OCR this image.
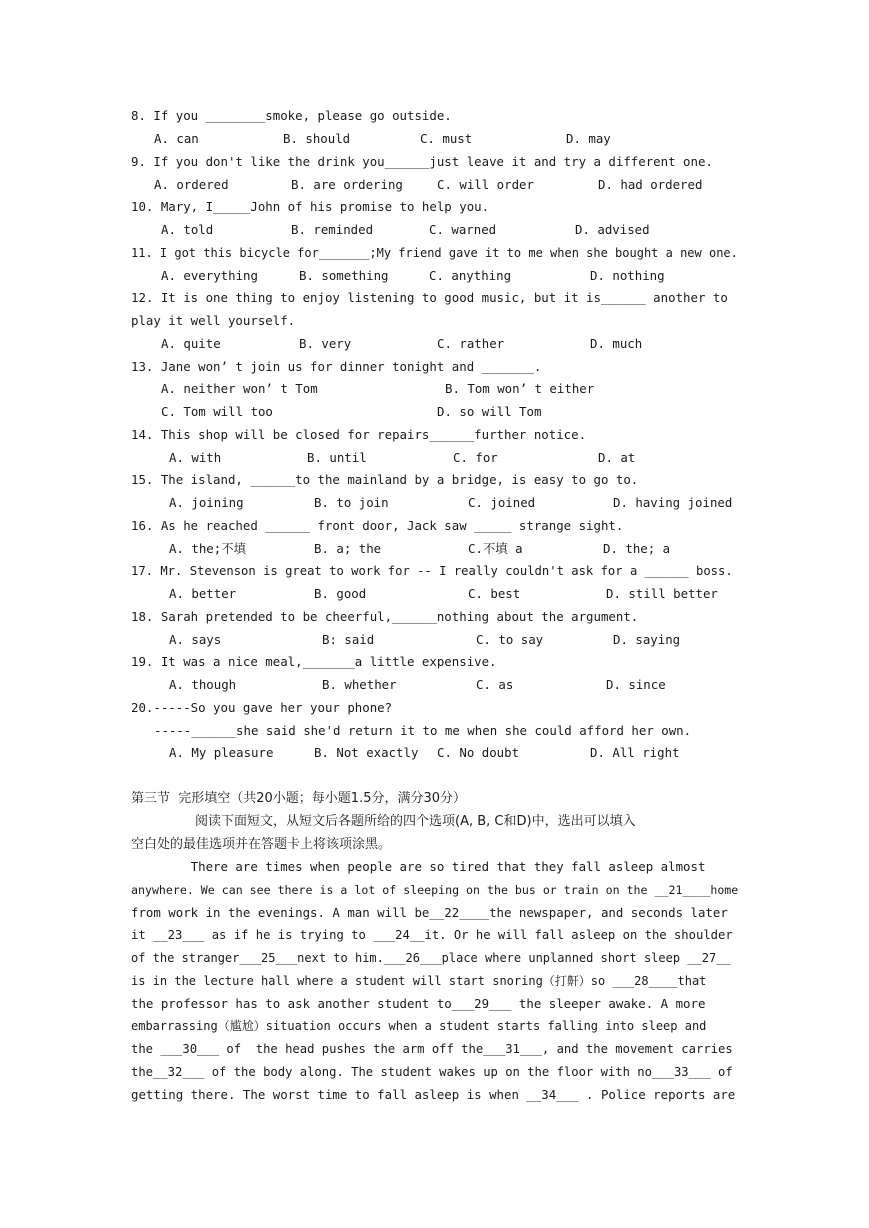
8. If you ________smoke, please go outside.
A. can	B. should	C. must	D. may
9. If you don't like the drink you______just leave it and try a different one.
A. ordered	B. are ordering	C. will order	D. had ordered
10. Mary, I_____John of his promise to help you.
A. told	B. reminded	C. warned	D. advised
11. I got this bicycle for_______;My friend gave it to me when she bought a new one.
A. everything	B. something	C. anything	D. nothing
12. It is one thing to enjoy listening to good music, but it is______ another to
play it well yourself.
A. quite	B. very	C. rather	D. much
13. Jane won’ t join us for dinner tonight and _______.
A. neither won’ t Tom	B. Tom won’ t either
C. Tom will too	D. so will Tom
14. This shop will be closed for repairs______further notice.
A. with	B. until	C. for	D. at
15. The island, ______to the mainland by a bridge, is easy to go to.
A. joining	B. to join	C. joined	D. having joined
16. As he reached ______ front door, Jack saw _____ strange sight.
A. the;不填	B. a; the	C.不填 a	D. the; a
17. Mr. Stevenson is great to work for -- I really couldn't ask for a ______ boss.
A. better	B. good	C. best	D. still better
18. Sarah pretended to be cheerful,______nothing about the argument.
A. says	B: said	C. to say	D. saying
19. It was a nice meal,_______a little expensive.
A. though	B. whether	C. as	D. since
20.-----So you gave her your phone?
-----______she said she'd return it to me when she could afford her own.
A. My pleasure	B. Not exactly C. No doubt	D. All right
第三节  完形填空（共20小题；每小题1.5分，满分30分）
阅读下面短文，从短文后各题所给的四个选项(A, B, C和D)中，选出可以填入
空白处的最佳选项并在答题卡上将该项涂黑。
There are times when people are so tired that they fall asleep almost
anywhere. We can see there is a lot of sleeping on the bus or train on the __21____home
from work in the evenings. A man will be__22____the newspaper, and seconds later
it __23___ as if he is trying to ___24__it. Or he will fall asleep on the shoulder
of the stranger___25___next to him.___26___place where unplanned short sleep __27__
is in the lecture hall where a student will start snoring（打鼾）so ___28____that
the professor has to ask another student to___29___ the sleeper awake. A more
embarrassing（尴尬）situation occurs when a student starts falling into sleep and
the ___30___ of  the head pushes the arm off the___31___, and the movement carries
the__32___ of the body along. The student wakes up on the floor with no___33___ of
getting there. The worst time to fall asleep is when __34___ . Police reports are
